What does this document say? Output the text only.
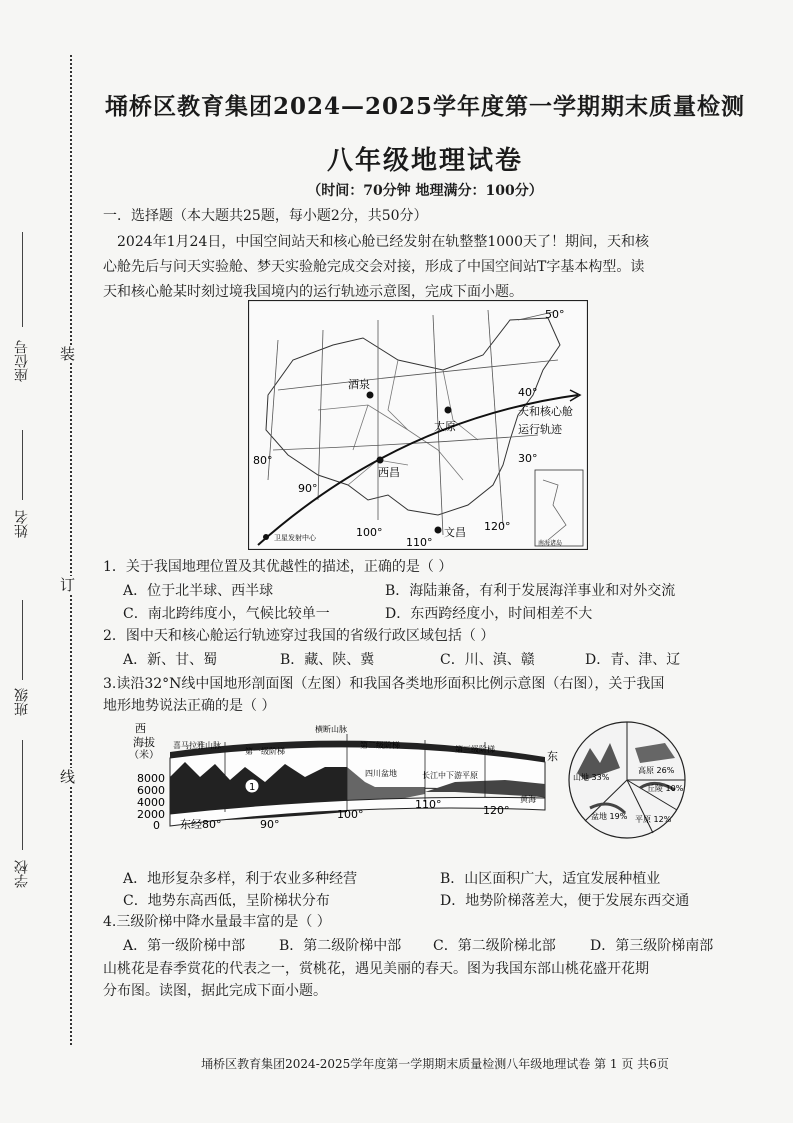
装
订
线
座位号
姓名
班级
学校
埇桥区教育集团2024—2025学年度第一学期期末质量检测
八年级地理试卷
（时间：70分钟 地理满分：100分）
一．选择题（本大题共25题，每小题2分，共50分）
2024年1月24日，中国空间站天和核心舱已经发射在轨整整1000天了！期间，天和核
心舱先后与问天实验舱、梦天实验舱完成交会对接，形成了中国空间站T字基本构型。读
天和核心舱某时刻过境我国境内的运行轨迹示意图，完成下面小题。
50°
40°
30°
80°
90°
100°
110°
120°
酒泉
太原
西昌
文昌
天和核心舱
运行轨迹
卫星发射中心
南海诸岛
1．关于我国地理位置及其优越性的描述，正确的是（ ）
A．位于北半球、西半球	B．海陆兼备，有利于发展海洋事业和对外交流
C．南北跨纬度小，气候比较单一	D．东西跨经度小，时间相差不大
2．图中天和核心舱运行轨迹穿过我国的省级行政区域包括（ ）
A．新、甘、蜀	B．藏、陕、冀	C．川、滇、赣	D．青、津、辽
3.读沿32°N线中国地形剖面图（左图）和我国各类地形面积比例示意图（右图），关于我国
地形地势说法正确的是（ ）
1
西
海拔
（米）
8000
6000
4000
2000
0
喜马拉雅山脉
横断山脉
第一级阶梯
第二级阶梯	第三级阶梯
四川盆地	长江中下游平原
黄海
东经80°	90°
100°
110°	120°
东
山地 33%
高原 26%
丘陵 10%
盆地 19% 平原 12%
A．地形复杂多样，利于农业多种经营	B．山区面积广大，适宜发展种植业
C．地势东高西低，呈阶梯状分布	D．地势阶梯落差大，便于发展东西交通
4.三级阶梯中降水量最丰富的是（ ）
A．第一级阶梯中部 B．第二级阶梯中部 C．第二级阶梯北部 D．第三级阶梯南部
山桃花是春季赏花的代表之一，赏桃花，遇见美丽的春天。图为我国东部山桃花盛开花期
分布图。读图，据此完成下面小题。
埇桥区教育集团2024-2025学年度第一学期期末质量检测八年级地理试卷 第 1 页 共6页
